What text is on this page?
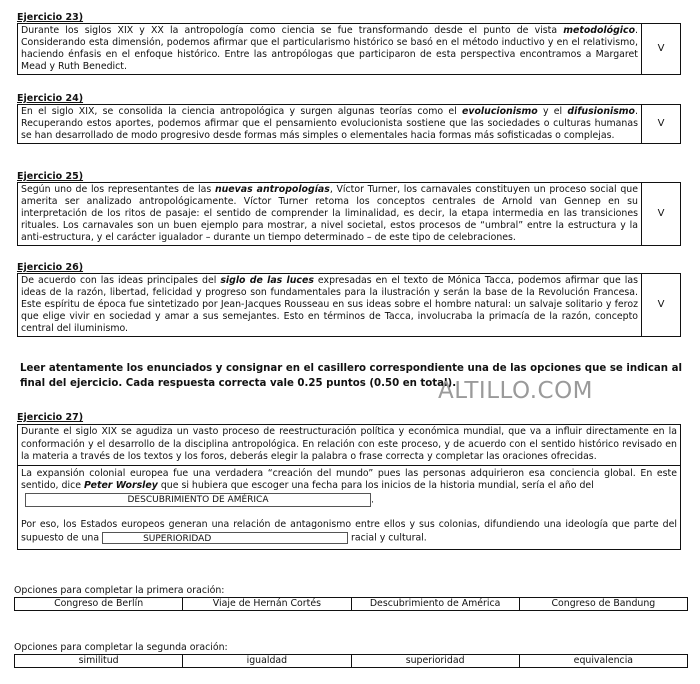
Ejercicio 23)
Durante los siglos XIX y XX la antropología como ciencia se fue transformando desde el punto de vista metodológico. Considerando esta dimensión, podemos afirmar que el particularismo histórico se basó en el método inductivo y en el relativismo, haciendo énfasis en el enfoque histórico. Entre las antropólogas que participaron de esta perspectiva encontramos a Margaret Mead y Ruth Benedict.
V
Ejercicio 24)
En el siglo XIX, se consolida la ciencia antropológica y surgen algunas teorías como el evolucionismo y el difusionismo. Recuperando estos aportes, podemos afirmar que el pensamiento evolucionista sostiene que las sociedades o culturas humanas se han desarrollado de modo progresivo desde formas más simples o elementales hacia formas más sofisticadas o complejas.
V
Ejercicio 25)
Según uno de los representantes de las nuevas antropologías, Víctor Turner, los carnavales constituyen un proceso social que amerita ser analizado antropológicamente. Víctor Turner retoma los conceptos centrales de Arnold van Gennep en su interpretación de los ritos de pasaje: el sentido de comprender la liminalidad, es decir, la etapa intermedia en las transiciones rituales. Los carnavales son un buen ejemplo para mostrar, a nivel societal, estos procesos de “umbral” entre la estructura y la anti-estructura, y el carácter igualador – durante un tiempo determinado – de este tipo de celebraciones.
V
Ejercicio 26)
De acuerdo con las ideas principales del siglo de las luces expresadas en el texto de Mónica Tacca, podemos afirmar que las ideas de la razón, libertad, felicidad y progreso son fundamentales para la ilustración y serán la base de la Revolución Francesa. Este espíritu de época fue sintetizado por Jean-Jacques Rousseau en sus ideas sobre el hombre natural: un salvaje solitario y feroz que elige vivir en sociedad y amar a sus semejantes. Esto en términos de Tacca, involucraba la primacía de la razón, concepto central del iluminismo.
V
Leer atentamente los enunciados y consignar en el casillero correspondiente una de las opciones que se indican al final del ejercicio. Cada respuesta correcta vale 0.25 puntos (0.50 en total).
ALTILLO.COM
Ejercicio 27)
Durante el siglo XIX se agudiza un vasto proceso de reestructuración política y económica mundial, que va a influir directamente en la conformación y el desarrollo de la disciplina antropológica. En relación con este proceso, y de acuerdo con el sentido histórico revisado en la materia a través de los textos y los foros, deberás elegir la palabra o frase correcta y completar las oraciones ofrecidas.
La expansión colonial europea fue una verdadera “creación del mundo” pues las personas adquirieron esa conciencia global. En este sentido, dice Peter Worsley que si hubiera que escoger una fecha para los inicios de la historia mundial, sería el año del
DESCUBRIMIENTO DE AMÉRICA	.
Por eso, los Estados europeos generan una relación de antagonismo entre ellos y sus colonias, difundiendo una ideología que parte del supuesto de una	SUPERIORIDAD	racial y cultural.
Opciones para completar la primera oración:
Congreso de Berlín	Viaje de Hernán Cortés	Descubrimiento de América	Congreso de Bandung
Opciones para completar la segunda oración:
similitud	igualdad	superioridad	equivalencia
